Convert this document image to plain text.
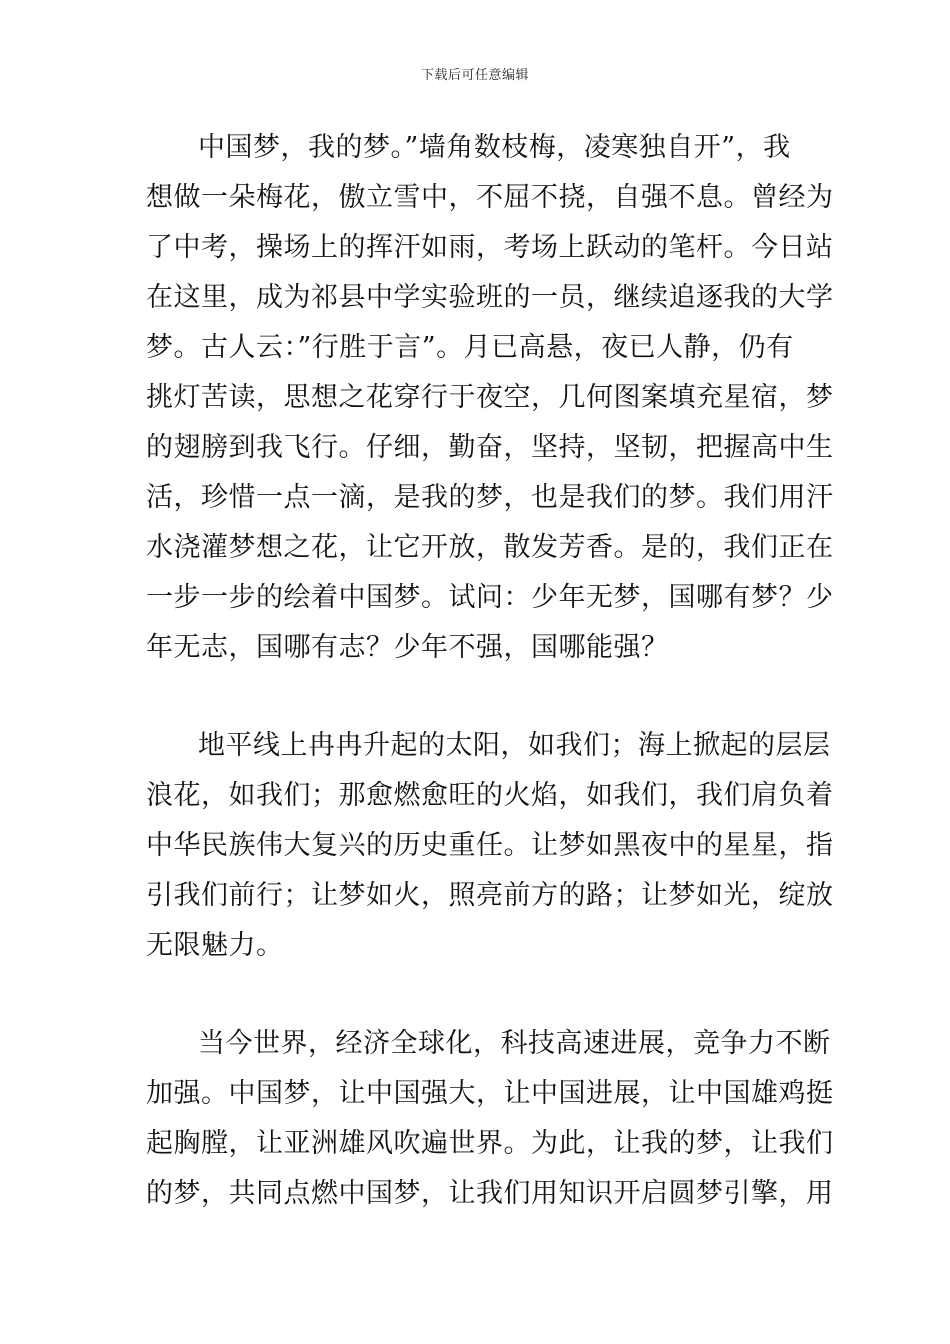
下载后可任意编辑
中国梦，我的梦。”墙角数枝梅，凌寒独自开”，我
想做一朵梅花，傲立雪中，不屈不挠，自强不息。曾经为
了中考，操场上的挥汗如雨，考场上跃动的笔杆。今日站
在这里，成为祁县中学实验班的一员，继续追逐我的大学
梦。古人云：”行胜于言”。月已高悬，夜已人静，仍有
挑灯苦读，思想之花穿行于夜空，几何图案填充星宿，梦
的翅膀到我飞行。仔细，勤奋，坚持，坚韧，把握高中生
活，珍惜一点一滴，是我的梦，也是我们的梦。我们用汗
水浇灌梦想之花，让它开放，散发芳香。是的，我们正在
一步一步的绘着中国梦。试问：少年无梦，国哪有梦？少
年无志，国哪有志？少年不强，国哪能强？
地平线上冉冉升起的太阳，如我们；海上掀起的层层
浪花，如我们；那愈燃愈旺的火焰，如我们，我们肩负着
中华民族伟大复兴的历史重任。让梦如黑夜中的星星，指
引我们前行；让梦如火，照亮前方的路；让梦如光，绽放
无限魅力。
当今世界，经济全球化，科技高速进展，竞争力不断
加强。中国梦，让中国强大，让中国进展，让中国雄鸡挺
起胸膛，让亚洲雄风吹遍世界。为此，让我的梦，让我们
的梦，共同点燃中国梦，让我们用知识开启圆梦引擎，用
